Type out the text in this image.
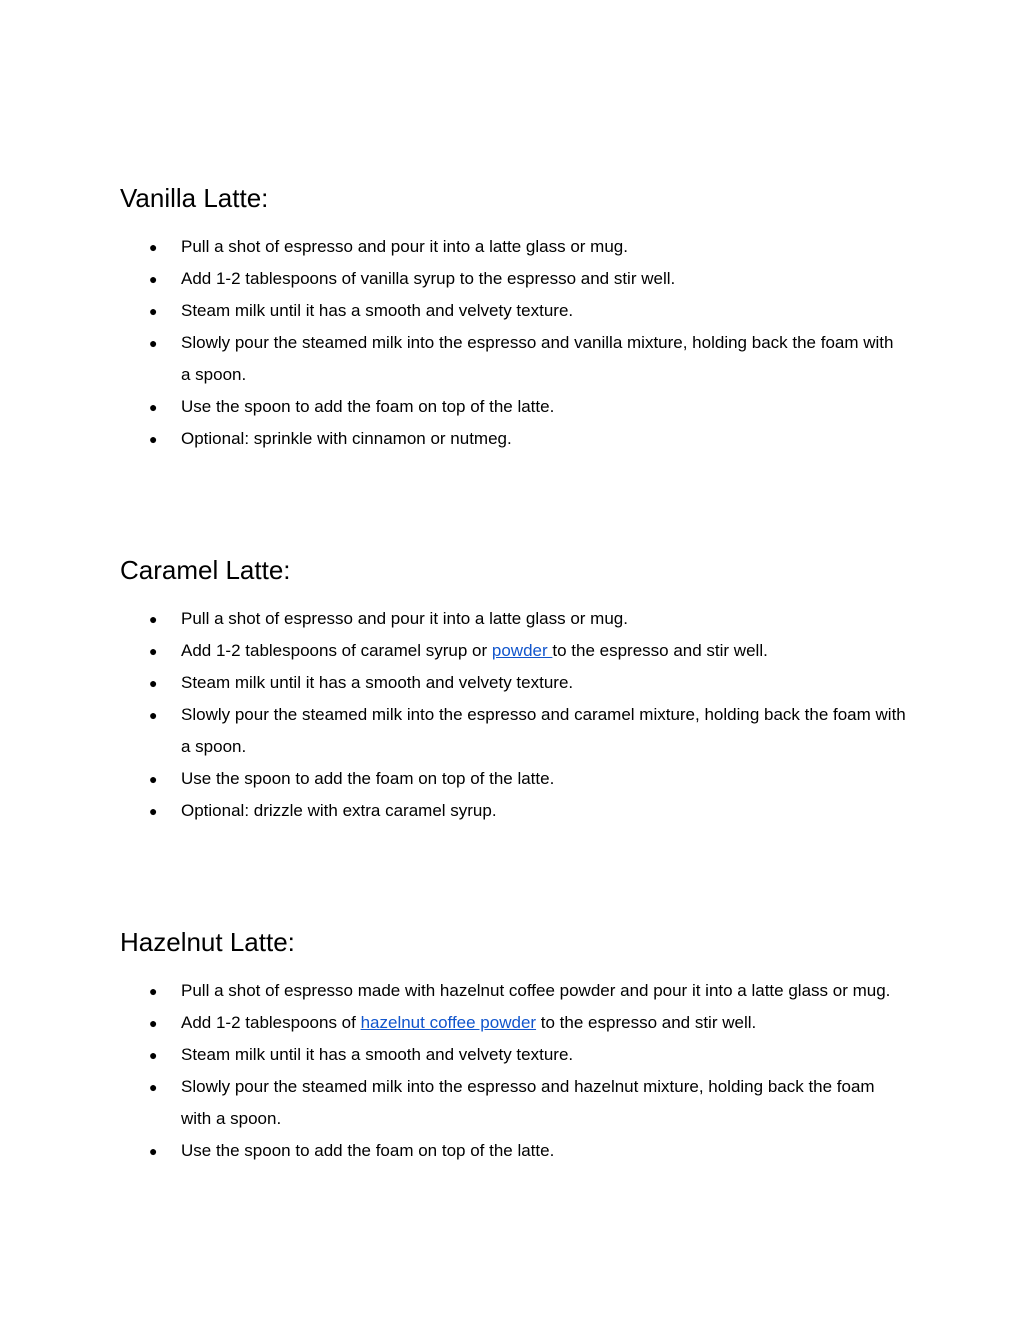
Vanilla Latte:
● Pull a shot of espresso and pour it into a latte glass or mug.
● Add 1-2 tablespoons of vanilla syrup to the espresso and stir well.
● Steam milk until it has a smooth and velvety texture.
● Slowly pour the steamed milk into the espresso and vanilla mixture, holding back the foam with a spoon.
● Use the spoon to add the foam on top of the latte.
● Optional: sprinkle with cinnamon or nutmeg.
Caramel Latte:
● Pull a shot of espresso and pour it into a latte glass or mug.
● Add 1-2 tablespoons of caramel syrup or powder to the espresso and stir well.
● Steam milk until it has a smooth and velvety texture.
● Slowly pour the steamed milk into the espresso and caramel mixture, holding back the foam with a spoon.
● Use the spoon to add the foam on top of the latte.
● Optional: drizzle with extra caramel syrup.
Hazelnut Latte:
● Pull a shot of espresso made with hazelnut coffee powder and pour it into a latte glass or mug.
● Add 1-2 tablespoons of hazelnut coffee powder to the espresso and stir well.
● Steam milk until it has a smooth and velvety texture.
● Slowly pour the steamed milk into the espresso and hazelnut mixture, holding back the foam with a spoon.
● Use the spoon to add the foam on top of the latte.
